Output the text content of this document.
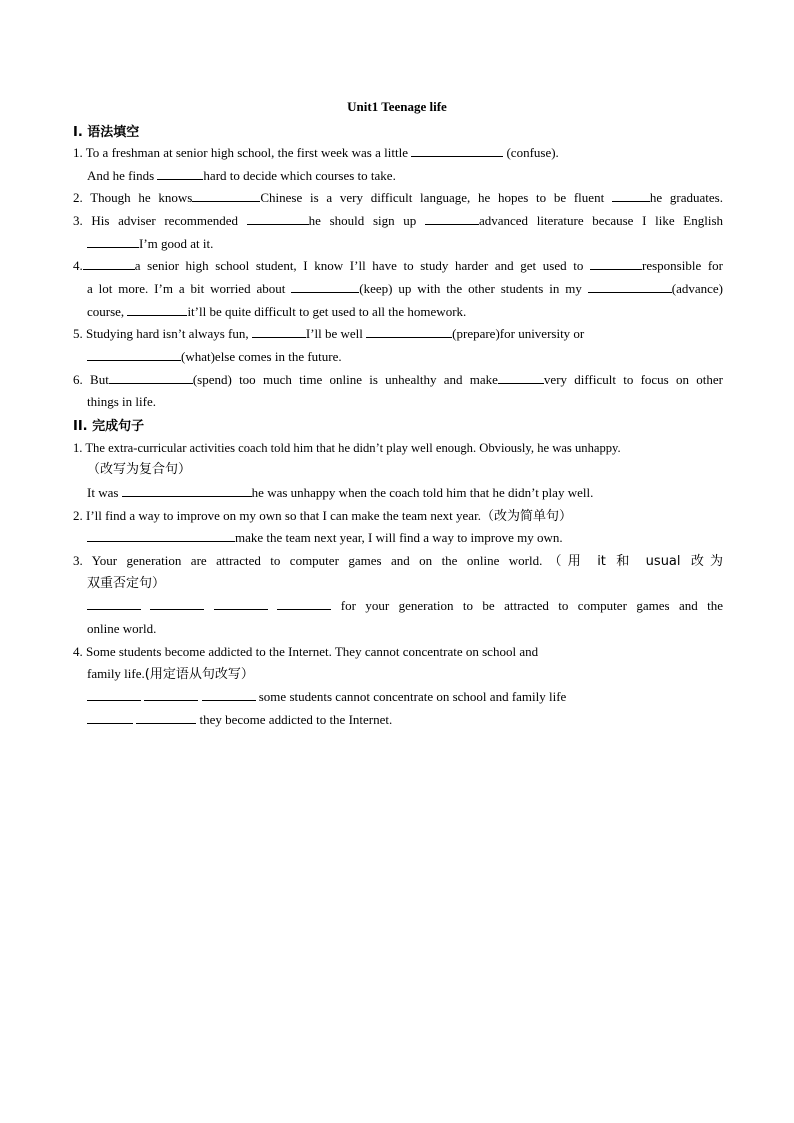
Unit1 Teenage life
I. 语法填空
1. To a freshman at senior high school, the first week was a little	(confuse).
And he finds	hard to decide which courses to take.
2. Though he knows	Chinese is a very difficult language, he hopes to be fluent	he graduates.
3. His adviser recommended	he should sign up	advanced literature because I like English
I’m good at it.
4.	a senior high school student, I know I’ll have to study harder and get used to	responsible for
a lot more. I’m a bit worried about	(keep) up with the other students in my	(advance)
course,	it’ll be quite difficult to get used to all the homework.
5. Studying hard isn’t always fun,	I’ll be well	(prepare)for university or
(what)else comes in the future.
6. But	(spend) too much time online is unhealthy and make	very difficult to focus on other
things in life.
II. 完成句子
1. The extra-curricular activities coach told him that he didn’t play well enough. Obviously, he was unhappy.
（改写为复合句）
It was	he was unhappy when the coach told him that he didn’t play well.
2. I’ll find a way to improve on my own so that I can make the team next year.（改为简单句）
make the team next year, I will find a way to improve my own.
3. Your generation are attracted to computer games and on the online world.（用 it 和 usual 改为
双重否定句）
for your generation to be attracted to computer games and the
online world.
4. Some students become addicted to the Internet. They cannot concentrate on school and
family life.(用定语从句改写）
some students cannot concentrate on school and family life
they become addicted to the Internet.
